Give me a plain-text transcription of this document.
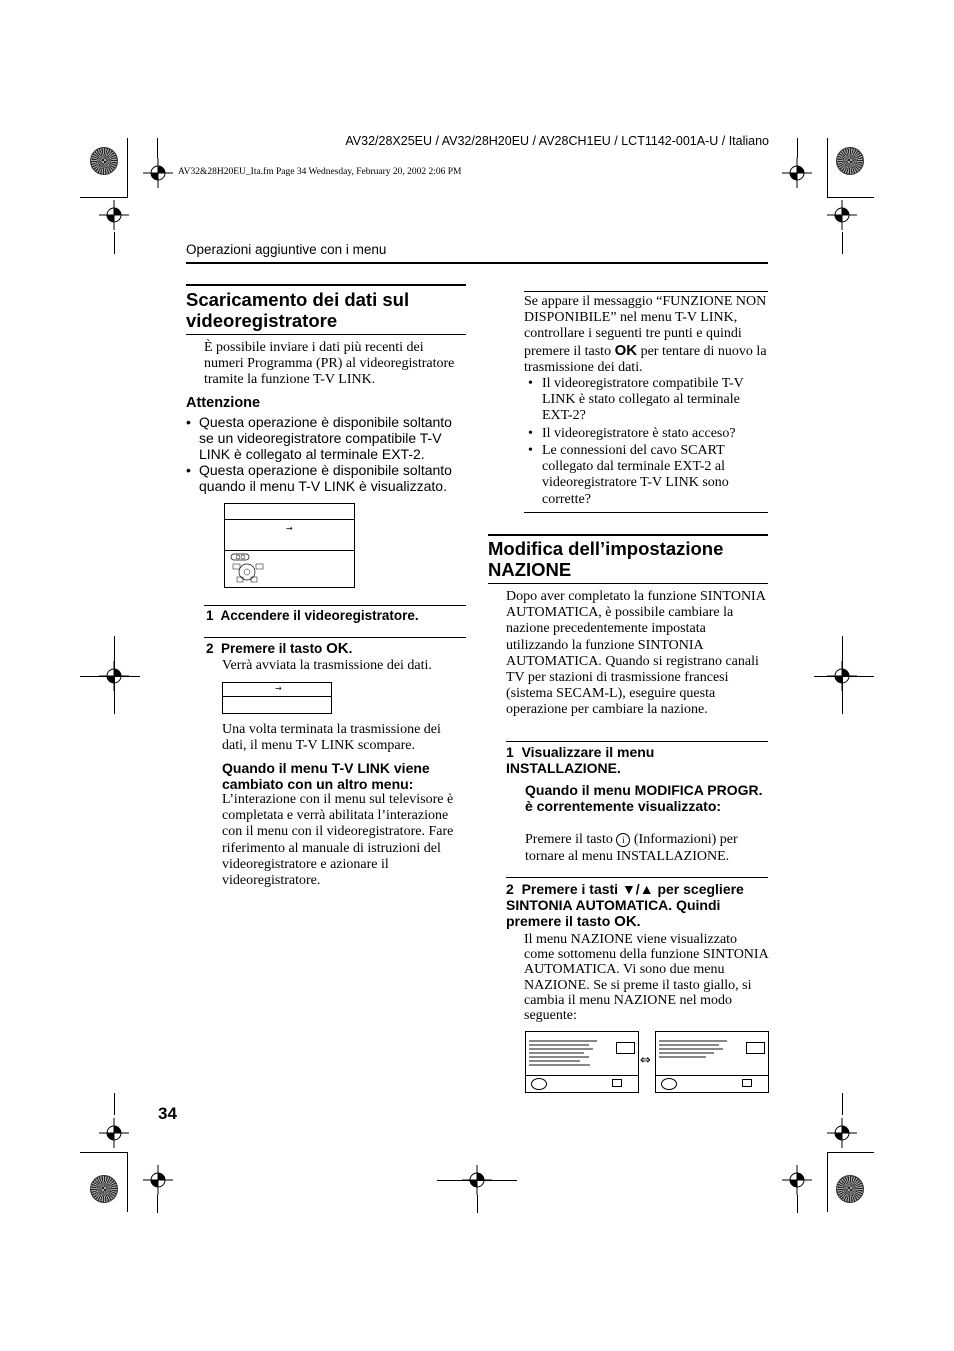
AV32/28X25EU / AV32/28H20EU / AV28CH1EU / LCT1142-001A-U / Italiano
AV32&28H20EU_Ita.fm Page 34 Wednesday, February 20, 2002 2:06 PM
Operazioni aggiuntive con i menu
Scaricamento dei dati sul videoregistratore
È possibile inviare i dati più recenti dei numeri Programma (PR) al videoregistratore tramite la funzione T-V LINK.
Attenzione
• Questa operazione è disponibile soltanto se un videoregistratore compatibile T-V LINK è collegato al terminale EXT-2.
• Questa operazione è disponibile soltanto quando il menu T-V LINK è visualizzato.
→
1  Accendere il videoregistratore.
2  Premere il tasto OK.
Verrà avviata la trasmissione dei dati.
→
Una volta terminata la trasmissione dei dati, il menu T-V LINK scompare.
Quando il menu T-V LINK viene cambiato con un altro menu:
L’interazione con il menu sul televisore è completata e verrà abilitata l’interazione con il menu con il videoregistratore. Fare riferimento al manuale di istruzioni del videoregistratore e azionare il videoregistratore.
Se appare il messaggio “FUNZIONE NON DISPONIBILE” nel menu T-V LINK, controllare i seguenti tre punti e quindi premere il tasto OK per tentare di nuovo la trasmissione dei dati.
• Il videoregistratore compatibile T-V LINK è stato collegato al terminale EXT-2?
• Il videoregistratore è stato acceso?
• Le connessioni del cavo SCART collegato dal terminale EXT-2 al videoregistratore T-V LINK sono corrette?
Modifica dell’impostazione NAZIONE
Dopo aver completato la funzione SINTONIA AUTOMATICA, è possibile cambiare la nazione precedentemente impostata utilizzando la funzione SINTONIA AUTOMATICA. Quando si registrano canali TV per stazioni di trasmissione francesi (sistema SECAM-L), eseguire questa operazione per cambiare la nazione.
1  Visualizzare il menu INSTALLAZIONE.
Quando il menu MODIFICA PROGR. è correntemente visualizzato:
Premere il tasto i (Informazioni) per tornare al menu INSTALLAZIONE.
2  Premere i tasti ▼/▲ per scegliere SINTONIA AUTOMATICA. Quindi premere il tasto OK.
Il menu NAZIONE viene visualizzato come sottomenu della funzione SINTONIA AUTOMATICA. Vi sono due menu NAZIONE. Se si preme il tasto giallo, si cambia il menu NAZIONE nel modo seguente:
⇔
34
